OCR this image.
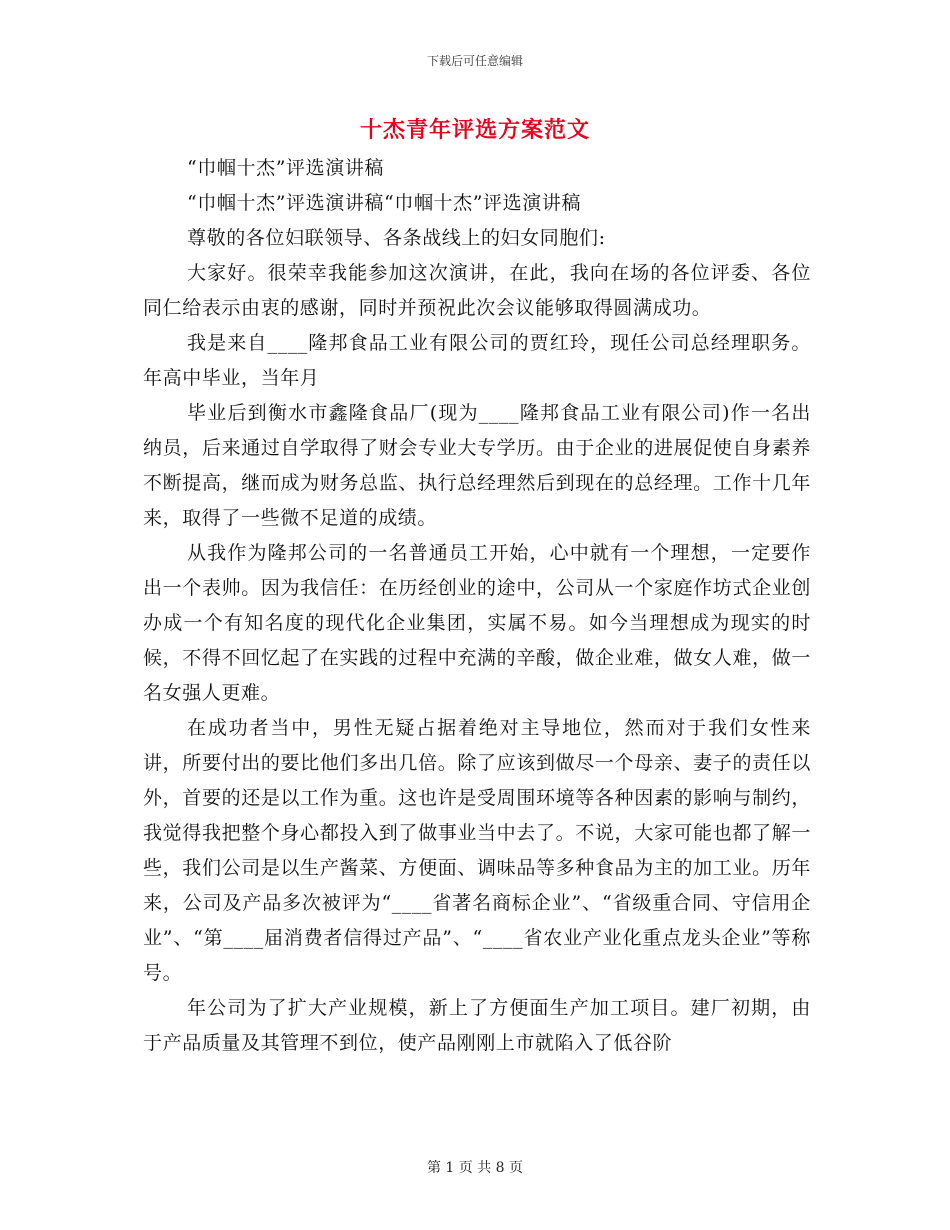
下载后可任意编辑
十杰青年评选方案范文

“巾帼十杰”评选演讲稿

“巾帼十杰”评选演讲稿“巾帼十杰”评选演讲稿

尊敬的各位妇联领导、各条战线上的妇女同胞们:

大家好。很荣幸我能参加这次演讲，在此，我向在场的各位评委、各位同仁给表示由衷的感谢，同时并预祝此次会议能够取得圆满成功。

我是来自____隆邦食品工业有限公司的贾红玲，现任公司总经理职务。年高中毕业，当年月

毕业后到衡水市鑫隆食品厂(现为____隆邦食品工业有限公司)作一名出纳员，后来通过自学取得了财会专业大专学历。由于企业的进展促使自身素养不断提高，继而成为财务总监、执行总经理然后到现在的总经理。工作十几年来，取得了一些微不足道的成绩。

从我作为隆邦公司的一名普通员工开始，心中就有一个理想，一定要作出一个表帅。因为我信任：在历经创业的途中，公司从一个家庭作坊式企业创办成一个有知名度的现代化企业集团，实属不易。如今当理想成为现实的时候，不得不回忆起了在实践的过程中充满的辛酸，做企业难，做女人难，做一名女强人更难。

在成功者当中，男性无疑占据着绝对主导地位，然而对于我们女性来讲，所要付出的要比他们多出几倍。除了应该到做尽一个母亲、妻子的责任以外，首要的还是以工作为重。这也许是受周围环境等各种因素的影响与制约，我觉得我把整个身心都投入到了做事业当中去了。不说，大家可能也都了解一些，我们公司是以生产酱菜、方便面、调味品等多种食品为主的加工业。历年来，公司及产品多次被评为“____省著名商标企业”、“省级重合同、守信用企业”、“第____届消费者信得过产品”、“____省农业产业化重点龙头企业”等称号。

年公司为了扩大产业规模，新上了方便面生产加工项目。建厂初期，由于产品质量及其管理不到位，使产品刚刚上市就陷入了低谷阶

第 1 页 共 8 页
